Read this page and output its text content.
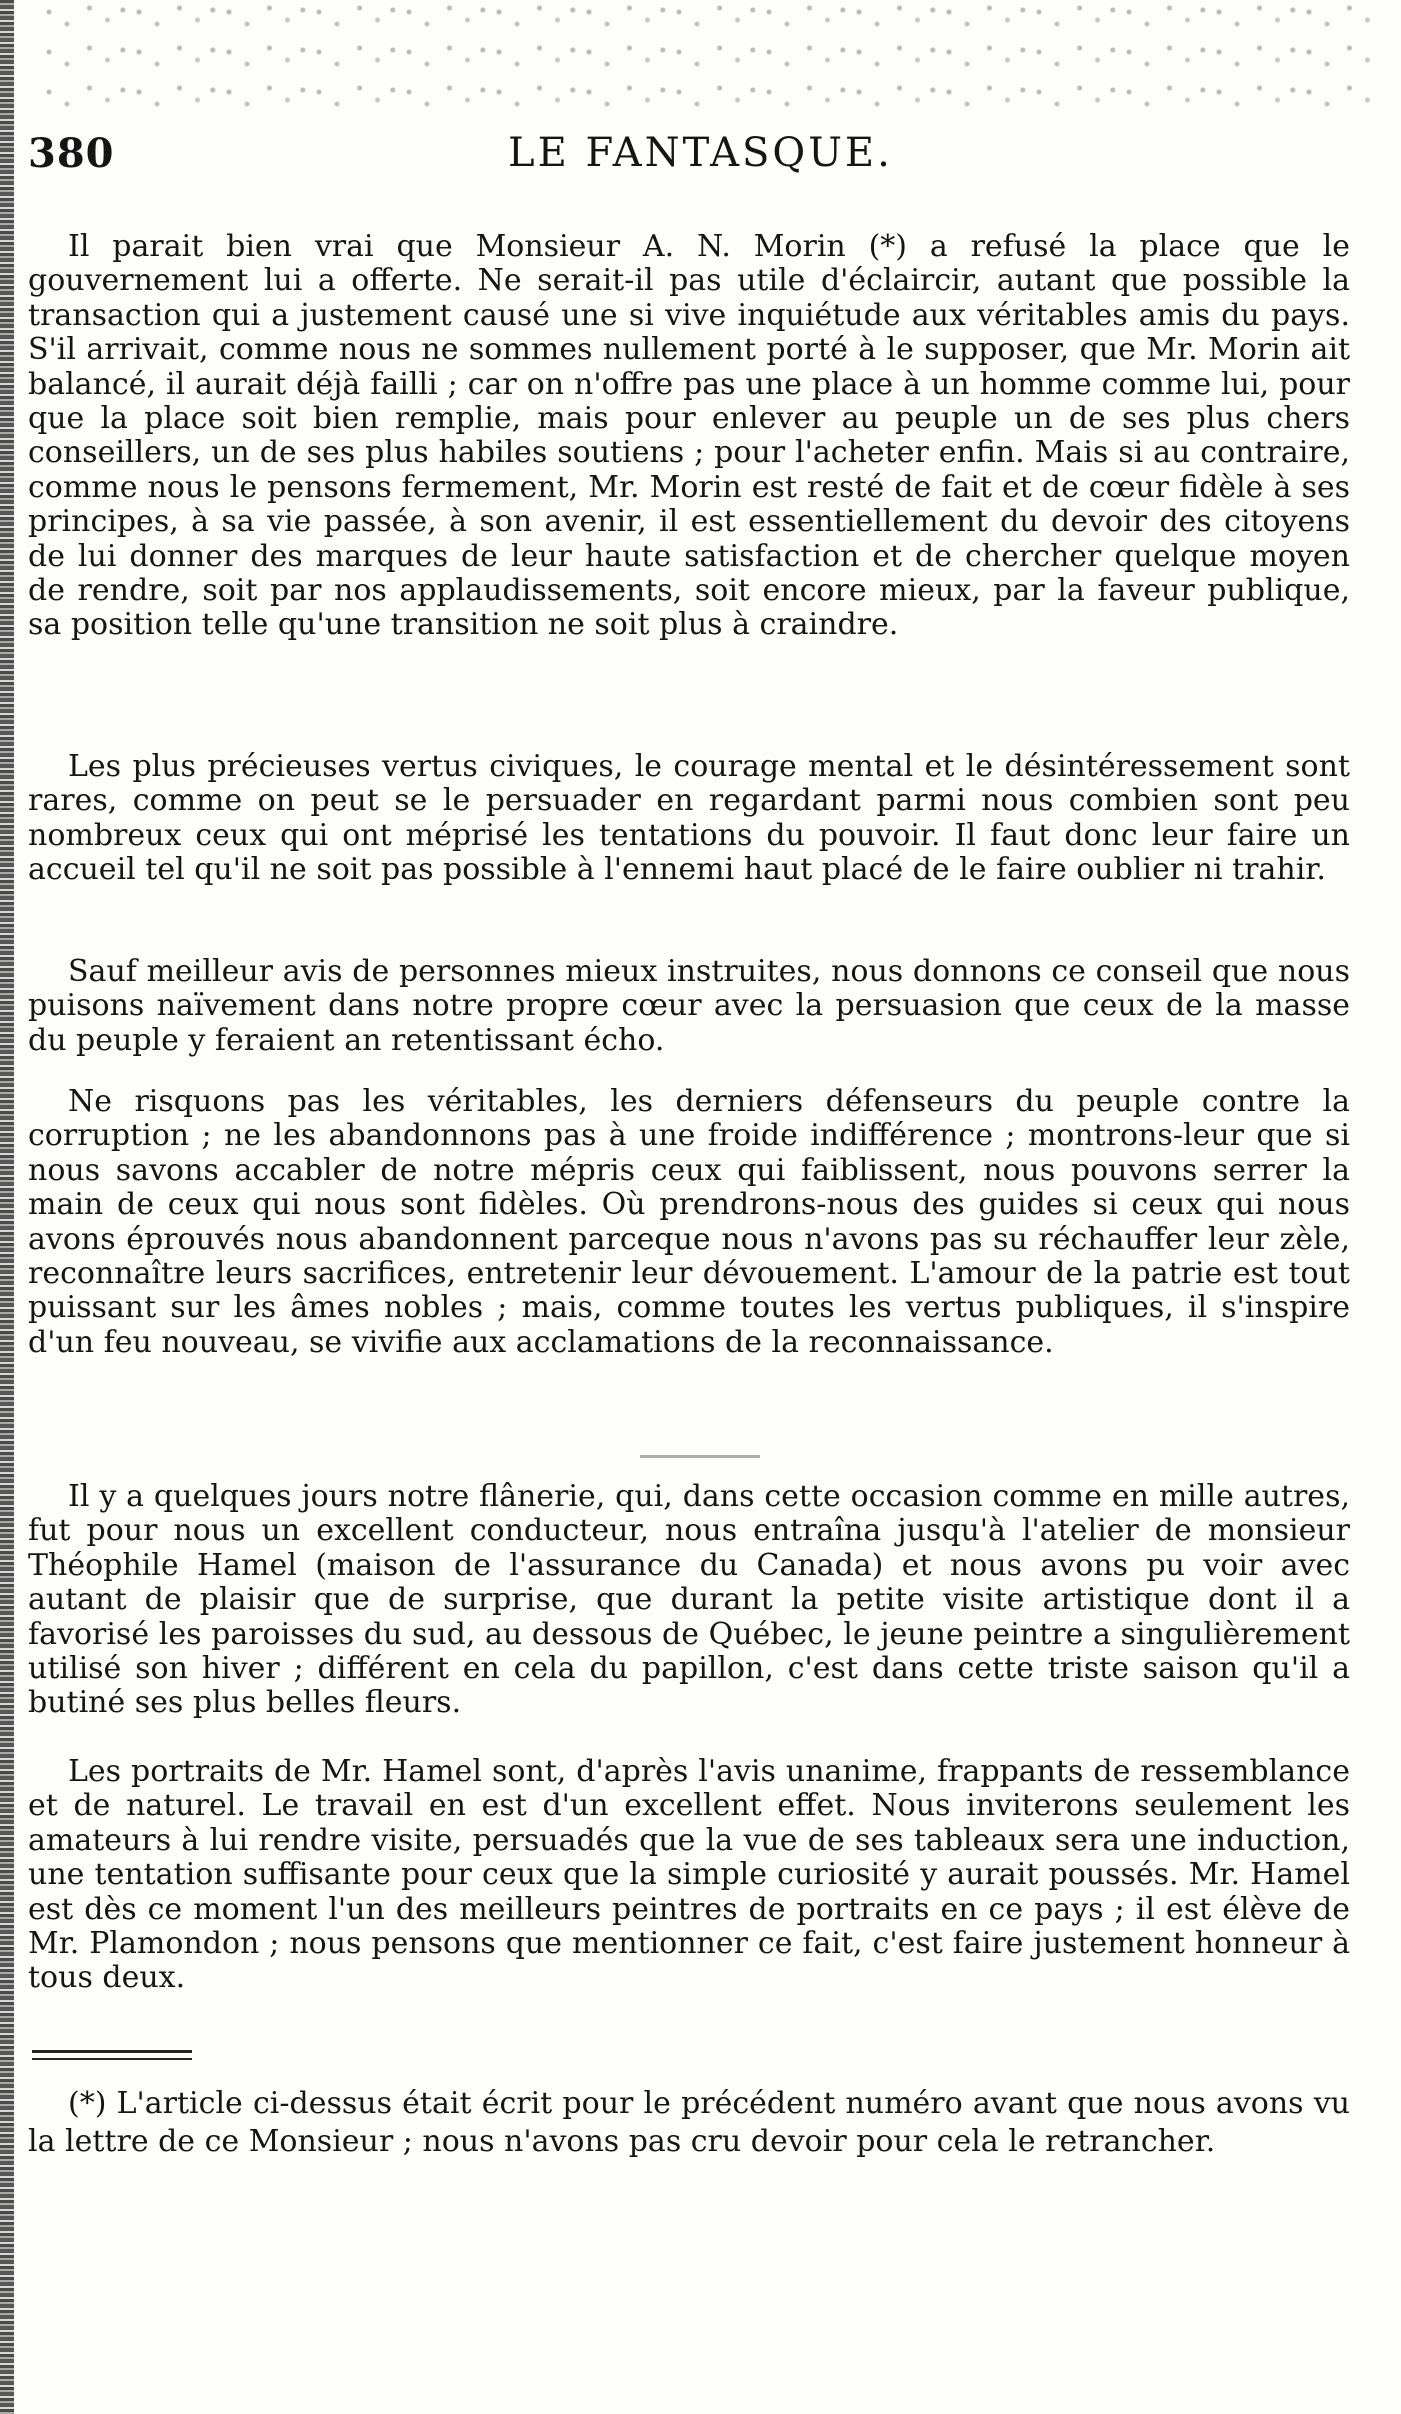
380	LE FANTASQUE.

Il parait bien vrai que Monsieur A. N. Morin (*) a refusé la place que le gouvernement lui a offerte. Ne serait-il pas utile d'éclaircir, autant que possible la transaction qui a justement causé une si vive inquiétude aux véritables amis du pays. S'il arrivait, comme nous ne sommes nullement porté à le supposer, que Mr. Morin ait balancé, il aurait déjà failli ; car on n'offre pas une place à un homme comme lui, pour que la place soit bien remplie, mais pour enlever au peuple un de ses plus chers conseillers, un de ses plus habiles soutiens ; pour l'acheter enfin. Mais si au contraire, comme nous le pensons fermement, Mr. Morin est resté de fait et de cœur fidèle à ses principes, à sa vie passée, à son avenir, il est essentiellement du devoir des citoyens de lui donner des marques de leur haute satisfaction et de chercher quelque moyen de rendre, soit par nos applaudissements, soit encore mieux, par la faveur publique, sa position telle qu'une transition ne soit plus à craindre.

Les plus précieuses vertus civiques, le courage mental et le désintéressement sont rares, comme on peut se le persuader en regardant parmi nous combien sont peu nombreux ceux qui ont méprisé les tentations du pouvoir. Il faut donc leur faire un accueil tel qu'il ne soit pas possible à l'ennemi haut placé de le faire oublier ni trahir.

Sauf meilleur avis de personnes mieux instruites, nous donnons ce conseil que nous puisons naïvement dans notre propre cœur avec la persuasion que ceux de la masse du peuple y feraient an retentissant écho.

Ne risquons pas les véritables, les derniers défenseurs du peuple contre la corruption ; ne les abandonnons pas à une froide indifférence ; montrons-leur que si nous savons accabler de notre mépris ceux qui faiblissent, nous pouvons serrer la main de ceux qui nous sont fidèles. Où prendrons-nous des guides si ceux qui nous avons éprouvés nous abandonnent parceque nous n'avons pas su réchauffer leur zèle, reconnaître leurs sacrifices, entretenir leur dévouement. L'amour de la patrie est tout puissant sur les âmes nobles ; mais, comme toutes les vertus publiques, il s'inspire d'un feu nouveau, se vivifie aux acclamations de la reconnaissance.

Il y a quelques jours notre flânerie, qui, dans cette occasion comme en mille autres, fut pour nous un excellent conducteur, nous entraîna jusqu'à l'atelier de monsieur Théophile Hamel (maison de l'assurance du Canada) et nous avons pu voir avec autant de plaisir que de surprise, que durant la petite visite artistique dont il a favorisé les paroisses du sud, au dessous de Québec, le jeune peintre a singulièrement utilisé son hiver ; différent en cela du papillon, c'est dans cette triste saison qu'il a butiné ses plus belles fleurs.

Les portraits de Mr. Hamel sont, d'après l'avis unanime, frappants de ressemblance et de naturel. Le travail en est d'un excellent effet. Nous inviterons seulement les amateurs à lui rendre visite, persuadés que la vue de ses tableaux sera une induction, une tentation suffisante pour ceux que la simple curiosité y aurait poussés. Mr. Hamel est dès ce moment l'un des meilleurs peintres de portraits en ce pays ; il est élève de Mr. Plamondon ; nous pensons que mentionner ce fait, c'est faire justement honneur à tous deux.

(*) L'article ci-dessus était écrit pour le précédent numéro avant que nous avons vu la lettre de ce Monsieur ; nous n'avons pas cru devoir pour cela le retrancher.
